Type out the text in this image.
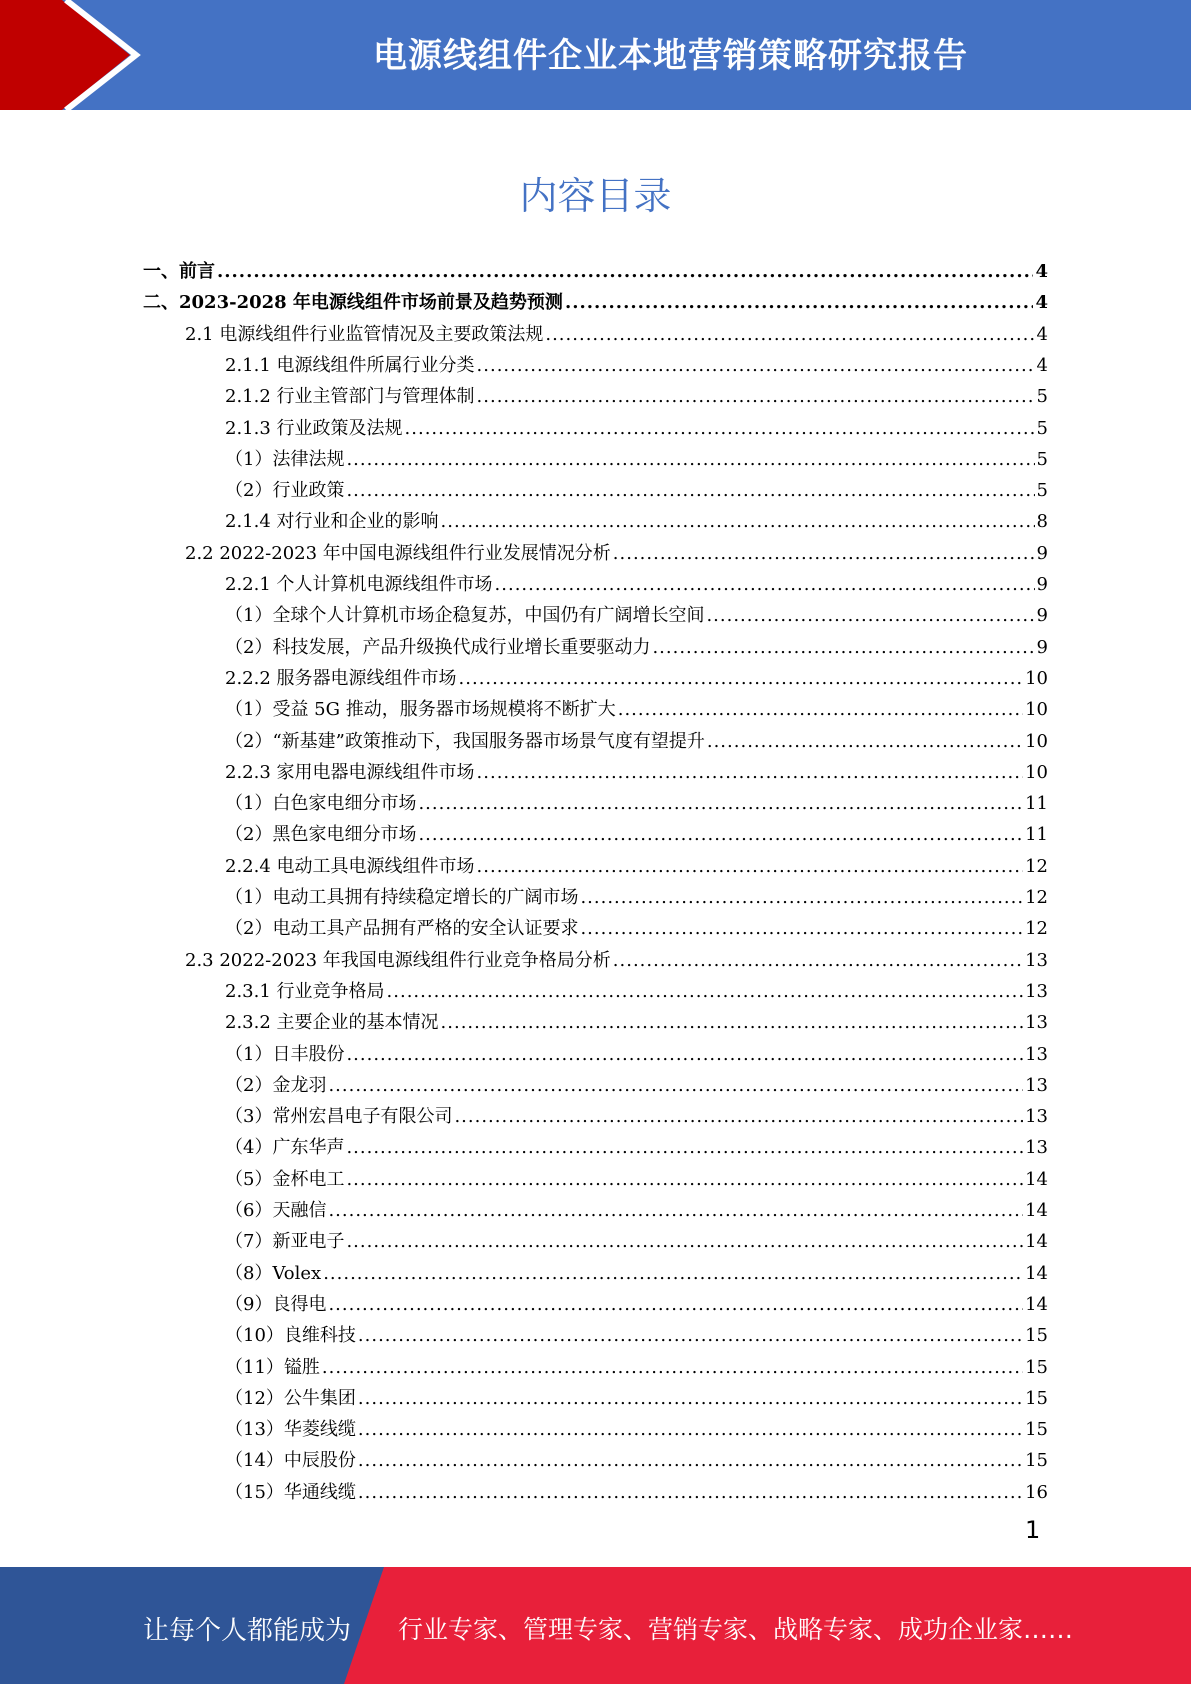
电源线组件企业本地营销策略研究报告
内容目录
一、前言 .....	4
二、2023-2028 年电源线组件市场前景及趋势预测 .....	4
2.1 电源线组件行业监管情况及主要政策法规 .....	4
2.1.1 电源线组件所属行业分类 .....	4
2.1.2 行业主管部门与管理体制 .....	5
2.1.3 行业政策及法规 .....	5
（1）法律法规 .....	5
（2）行业政策 .....	5
2.1.4 对行业和企业的影响 .....	8
2.2 2022-2023 年中国电源线组件行业发展情况分析 .....	9
2.2.1 个人计算机电源线组件市场 .....	9
（1）全球个人计算机市场企稳复苏，中国仍有广阔增长空间 .....	9
（2）科技发展，产品升级换代成行业增长重要驱动力 .....	9
2.2.2 服务器电源线组件市场 .....	10
（1）受益 5G 推动，服务器市场规模将不断扩大 .....	10
（2）“新基建”政策推动下，我国服务器市场景气度有望提升 .....	10
2.2.3 家用电器电源线组件市场 .....	10
（1）白色家电细分市场 .....	11
（2）黑色家电细分市场 .....	11
2.2.4 电动工具电源线组件市场 .....	12
（1）电动工具拥有持续稳定增长的广阔市场 .....	12
（2）电动工具产品拥有严格的安全认证要求 .....	12
2.3 2022-2023 年我国电源线组件行业竞争格局分析 .....	13
2.3.1 行业竞争格局 .....	13
2.3.2 主要企业的基本情况 .....	13
（1）日丰股份 .....	13
（2）金龙羽 .....	13
（3）常州宏昌电子有限公司 .....	13
（4）广东华声 .....	13
（5）金杯电工 .....	14
（6）天融信 .....	14
（7）新亚电子 .....	14
（8）Volex .....	14
（9）良得电 .....	14
（10）良维科技 .....	15
（11）镒胜 .....	15
（12）公牛集团 .....	15
（13）华菱线缆 .....	15
（14）中辰股份 .....	15
（15）华通线缆 .....	16
1
让每个人都能成为 行业专家、管理专家、营销专家、战略专家、成功企业家……
